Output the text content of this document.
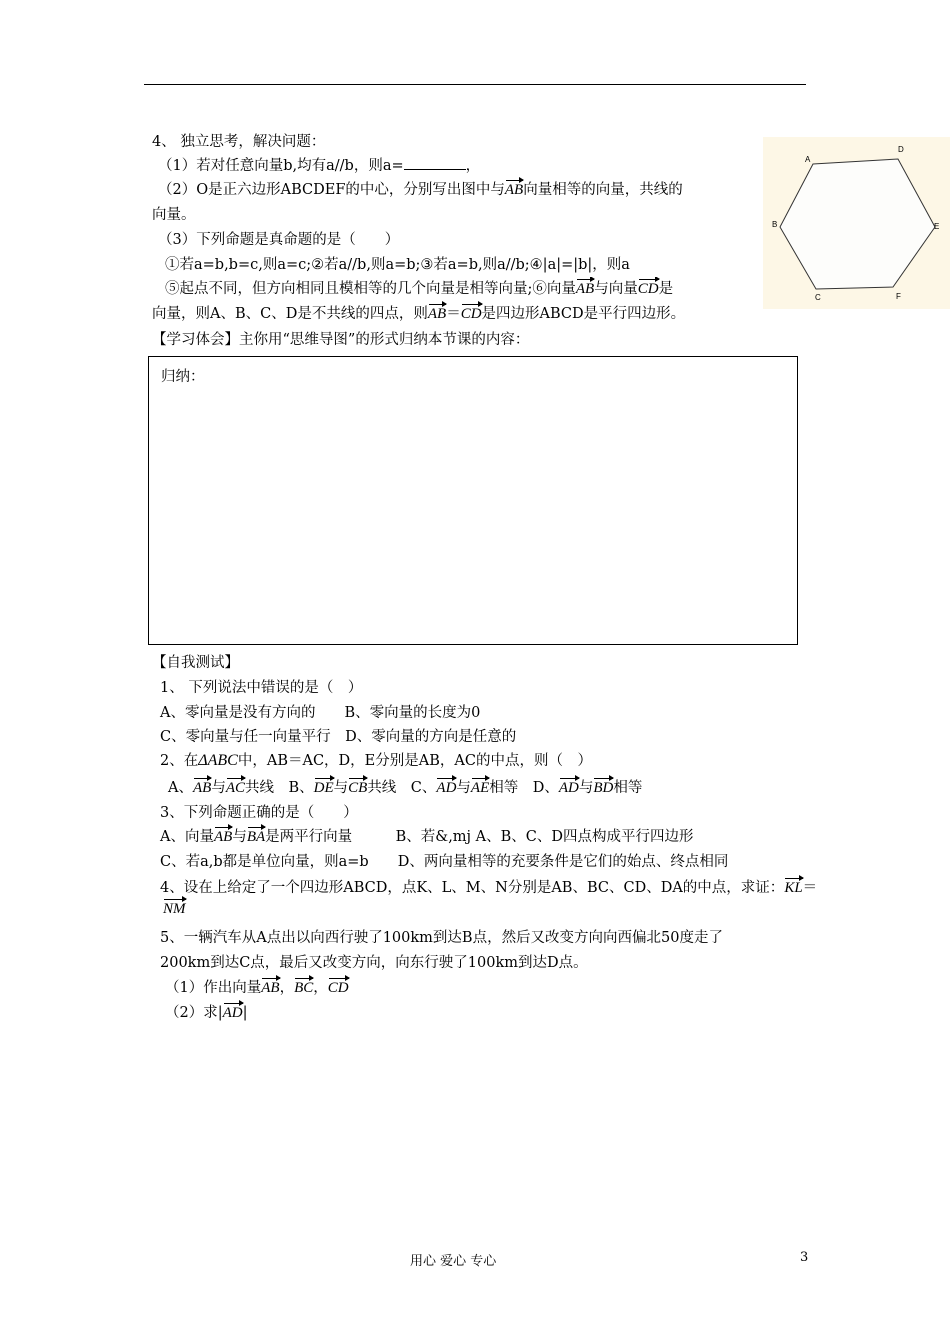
4、 独立思考，解决问题：
（1）若对任意向量b,均有a//b，则a=	，
（2）O是正六边形ABCDEF的中心，分别写出图中与AB向量相等的向量，共线的
向量。
（3）下列命题是真命题的是（　　）
①若a=b,b=c,则a=c;②若a//b,则a=b;③若a=b,则a//b;④|a|=|b|，则a
⑤起点不同，但方向相同且模相等的几个向量是相等向量;⑥向量AB与向量CD是
向量，则A、B、C、D是不共线的四点，则AB＝CD是四边形ABCD是平行四边形。
A
D
B	E
C	F
【学习体会】主你用“思维导图”的形式归纳本节课的内容：
归纳：
【自我测试】
1、 下列说法中错误的是（　）
A、零向量是没有方向的　　B、零向量的长度为0
C、零向量与任一向量平行　D、零向量的方向是任意的
2、在ΔABC中，AB＝AC，D，E分别是AB，AC的中点，则（　）
A、AB与AC共线　B、DE与CB共线　C、AD与AE相等　D、AD与BD相等
3、下列命题正确的是（　　）
A、向量AB与BA是两平行向量　　　B、若&,mj A、B、C、D四点构成平行四边形
C、若a,b都是单位向量，则a=b　　D、两向量相等的充要条件是它们的始点、终点相同
4、设在上给定了一个四边形ABCD，点K、L、M、N分别是AB、BC、CD、DA的中点，求证：KL＝
NM
5、一辆汽车从A点出以向西行驶了100km到达B点，然后又改变方向向西偏北50度走了
200km到达C点，最后又改变方向，向东行驶了100km到达D点。
（1）作出向量AB，BC，CD
（2）求|AD|
用心 爱心 专心	3
